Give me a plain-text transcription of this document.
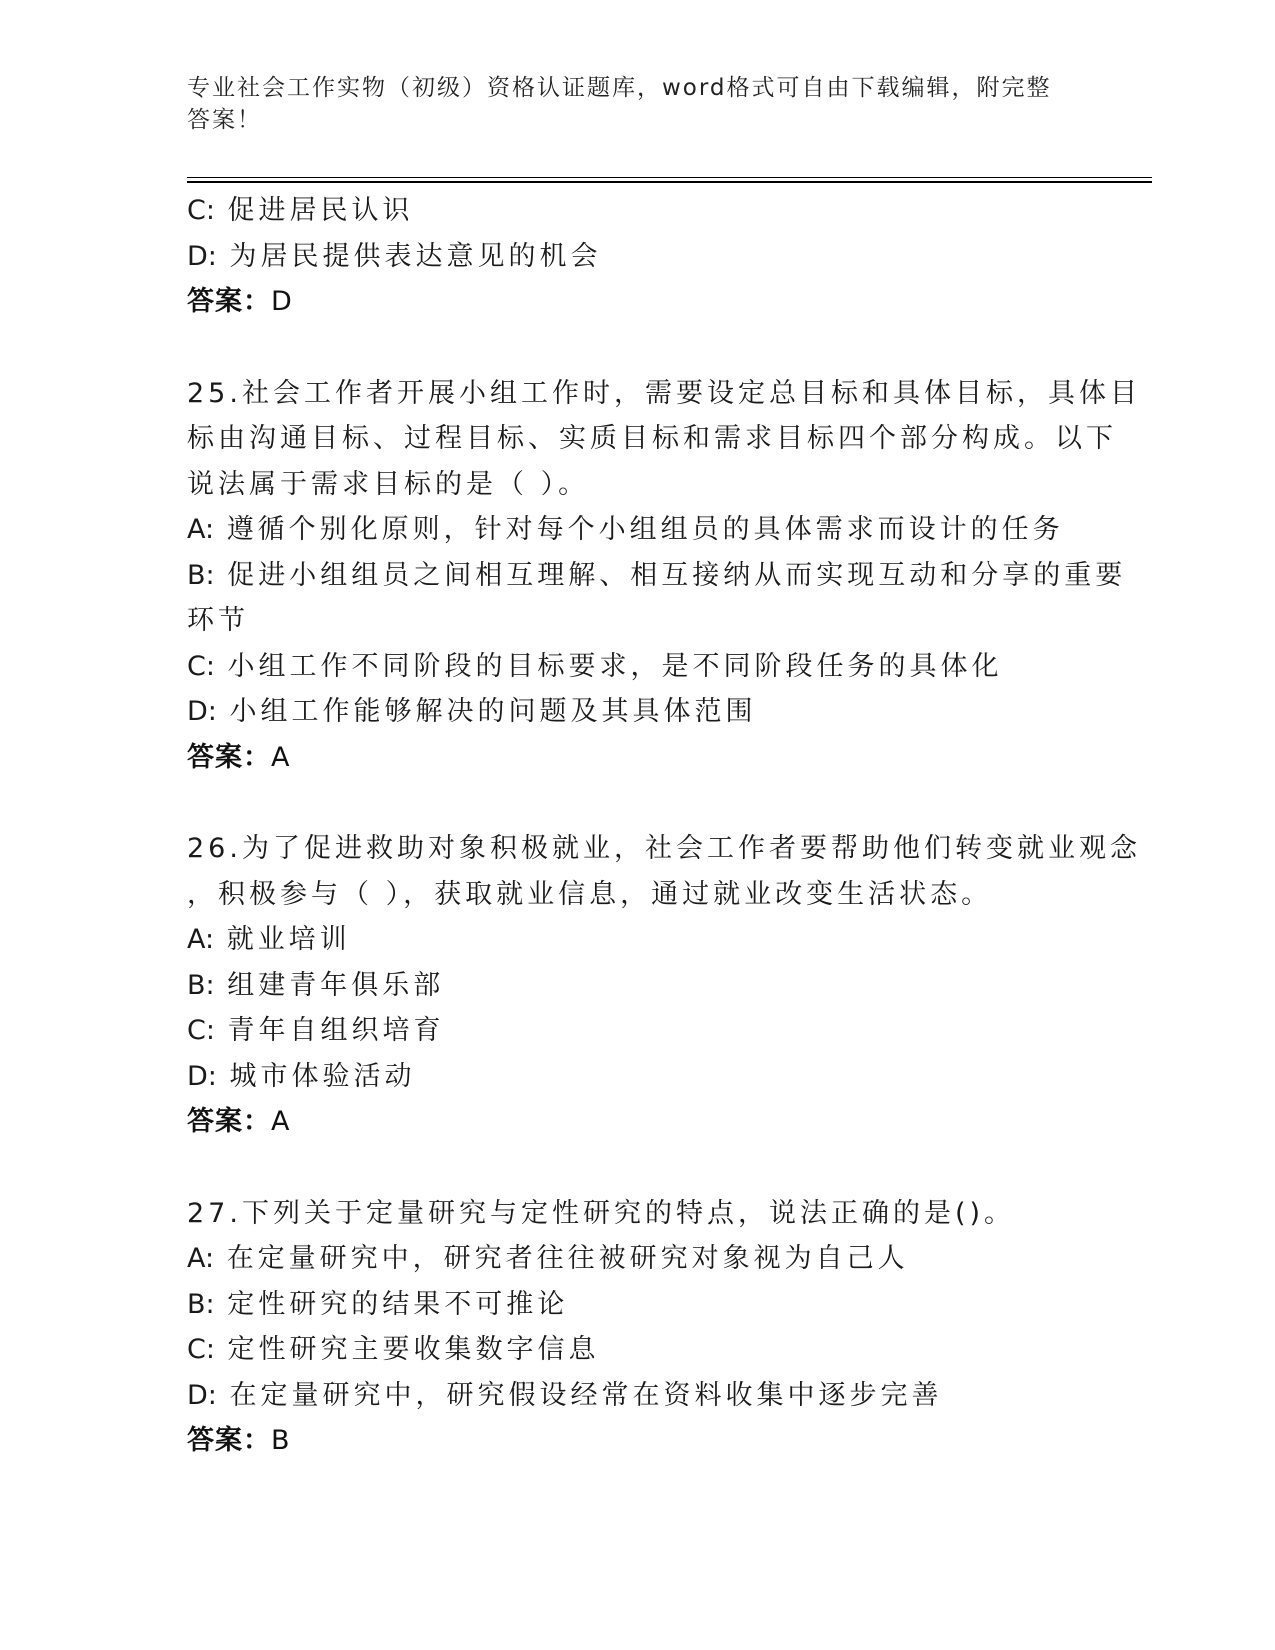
专业社会工作实物（初级）资格认证题库，word格式可自由下载编辑，附完整答案！
C: 促进居民认识
D: 为居民提供表达意见的机会
答案：D
25.社会工作者开展小组工作时，需要设定总目标和具体目标，具体目
标由沟通目标、过程目标、实质目标和需求目标四个部分构成。以下
说法属于需求目标的是（ ）。
A: 遵循个别化原则，针对每个小组组员的具体需求而设计的任务
B: 促进小组组员之间相互理解、相互接纳从而实现互动和分享的重要
环节
C: 小组工作不同阶段的目标要求，是不同阶段任务的具体化
D: 小组工作能够解决的问题及其具体范围
答案：A
26.为了促进救助对象积极就业，社会工作者要帮助他们转变就业观念
，积极参与（ ），获取就业信息，通过就业改变生活状态。
A: 就业培训
B: 组建青年俱乐部
C: 青年自组织培育
D: 城市体验活动
答案：A
27.下列关于定量研究与定性研究的特点，说法正确的是()。
A: 在定量研究中，研究者往往被研究对象视为自己人
B: 定性研究的结果不可推论
C: 定性研究主要收集数字信息
D: 在定量研究中，研究假设经常在资料收集中逐步完善
答案：B
